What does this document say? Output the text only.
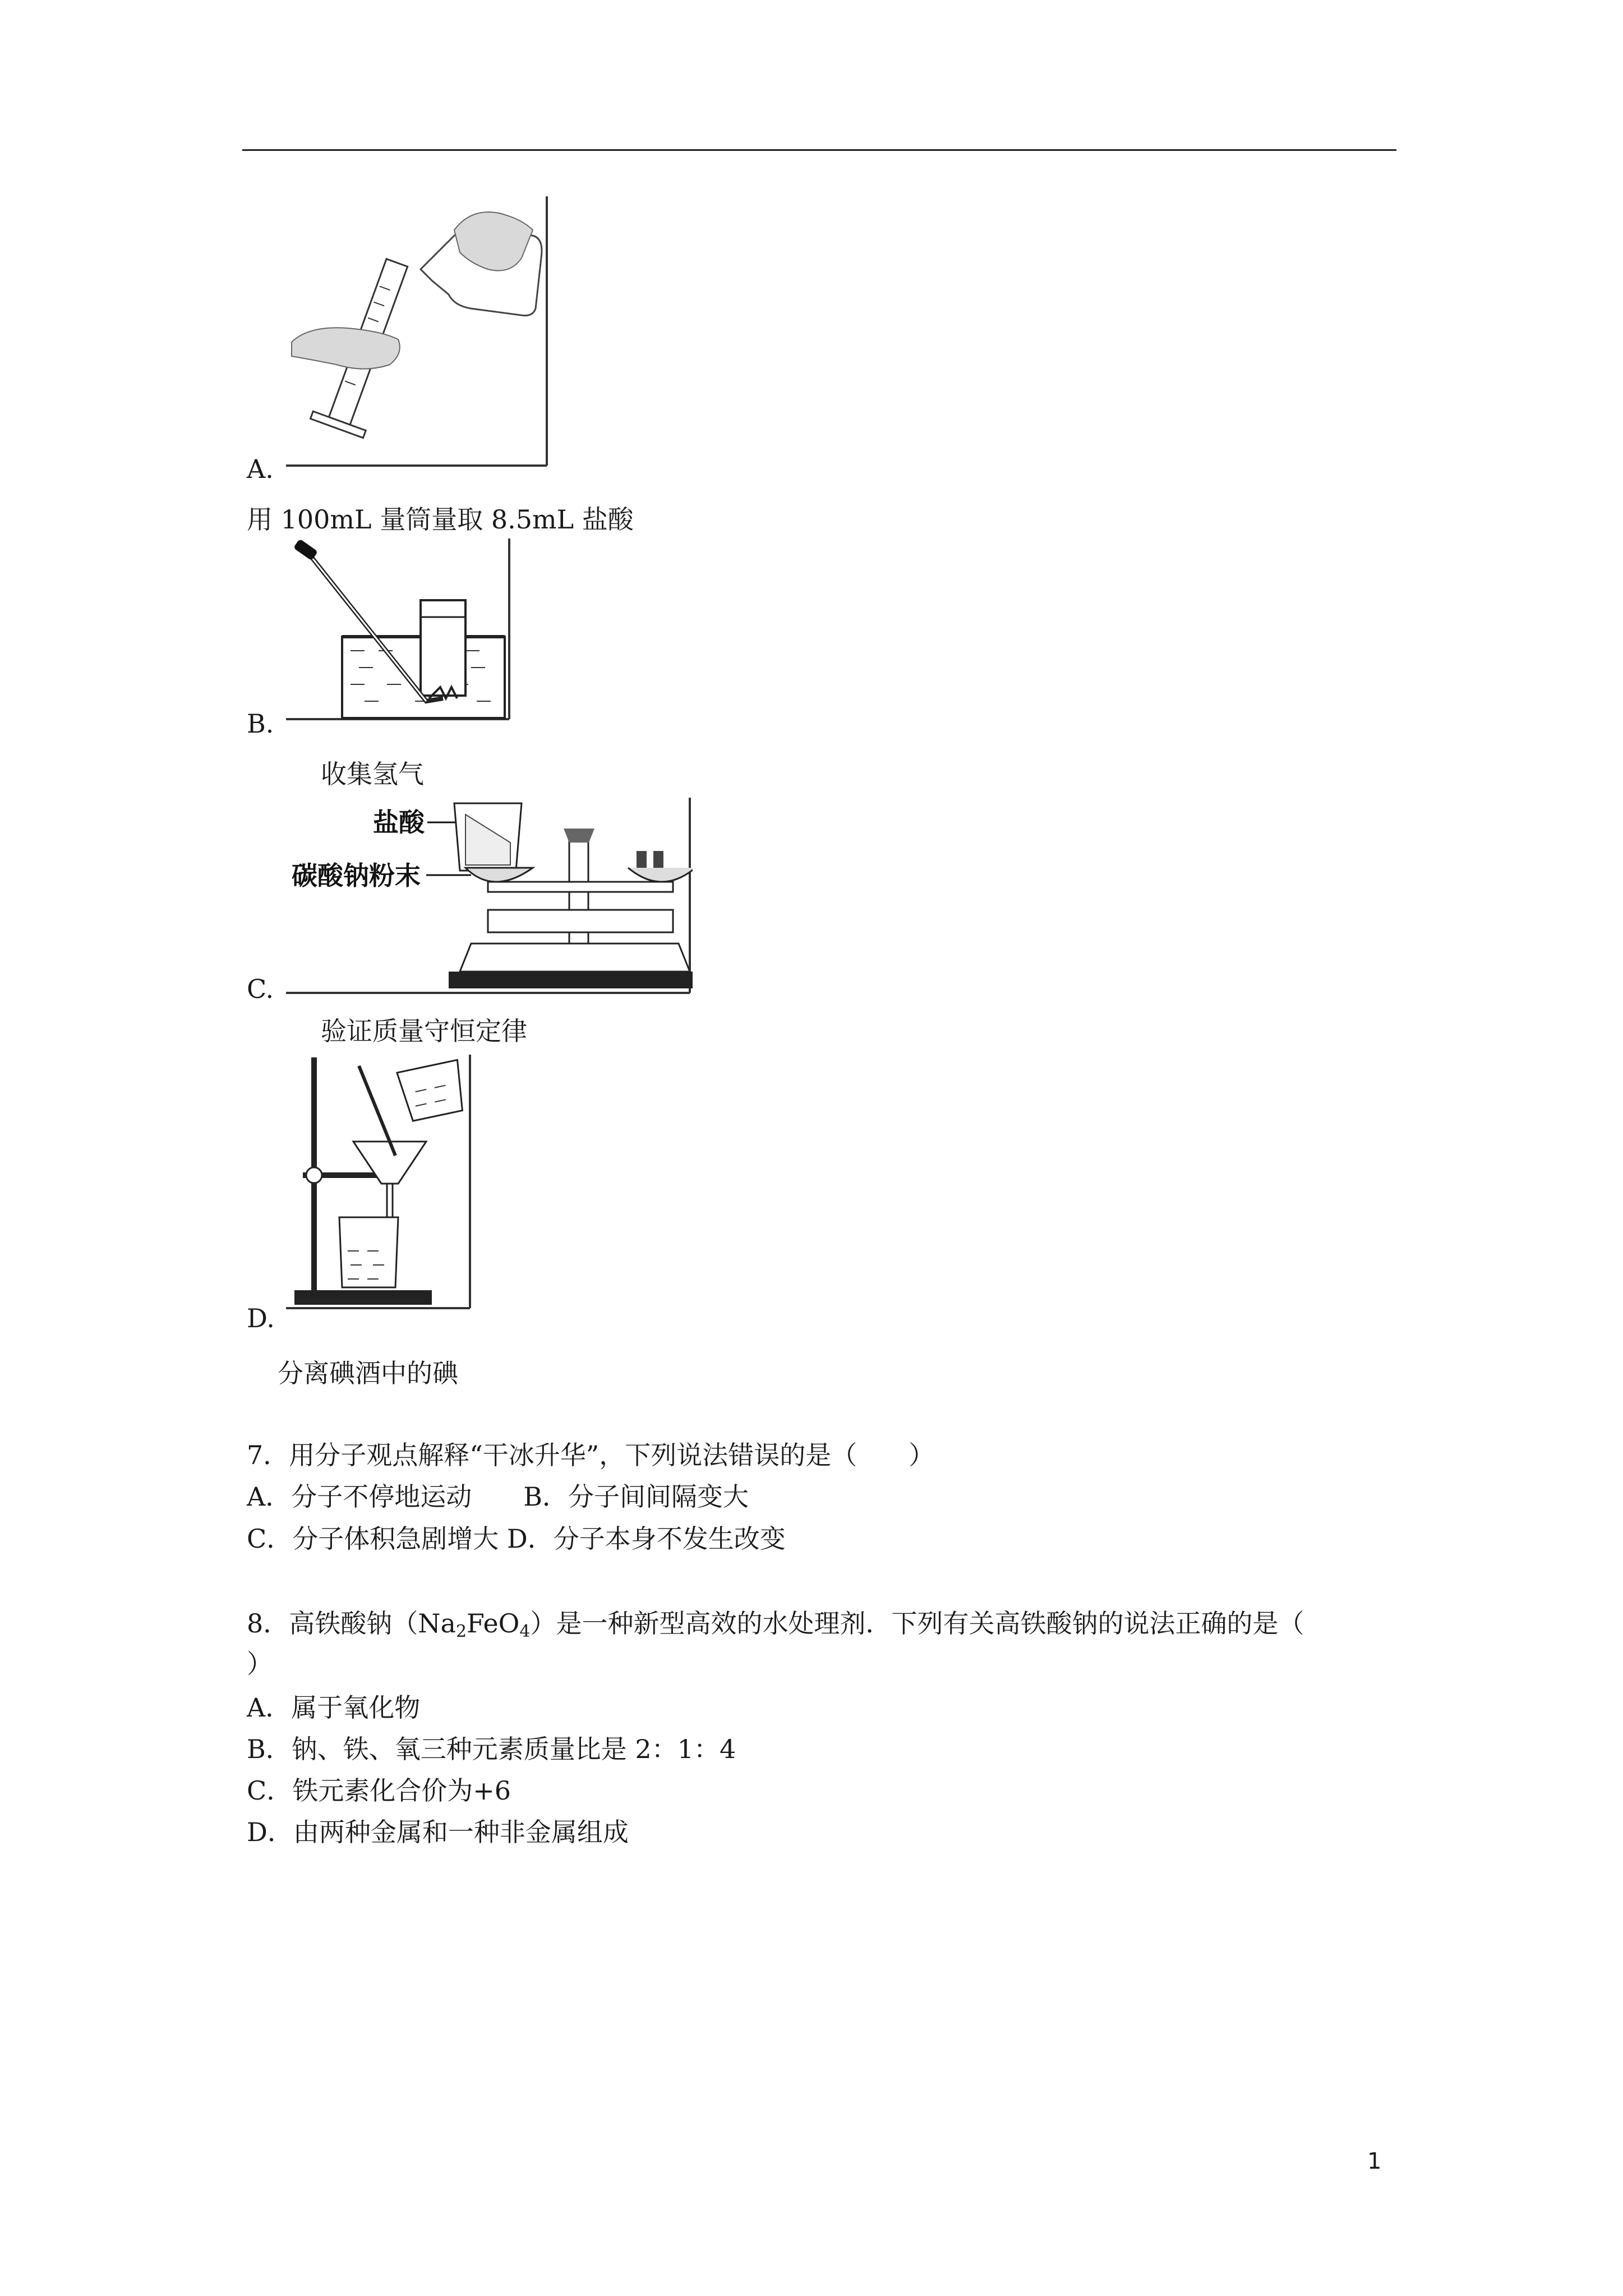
A.
用 100mL 量筒量取 8.5mL 盐酸
B.
收集氢气
盐酸
碳酸钠粉末
C.
验证质量守恒定律
D.
分离碘酒中的碘
7．用分子观点解释“干冰升华”，下列说法错误的是（　　）
A．分子不停地运动　　B．分子间间隔变大
C．分子体积急剧增大 D．分子本身不发生改变
8．高铁酸钠$(Na_2FeO_4)$是一种新型高效的水处理剂．下列有关高铁酸钠的说法正确的是（
）
A．属于氧化物
B．钠、铁、氧三种元素质量比是 2：1：4
C．铁元素化合价为+6
D．由两种金属和一种非金属组成
1
